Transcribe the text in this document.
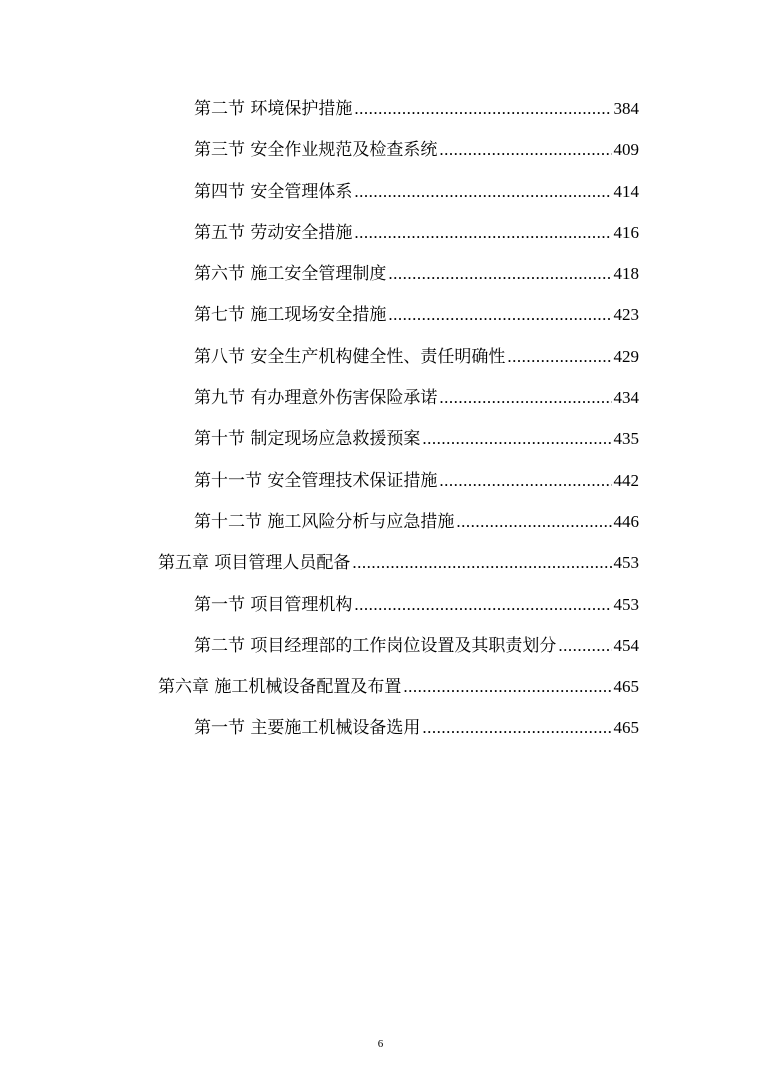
第二节 环境保护措施 .....	384
第三节 安全作业规范及检查系统 .....	409
第四节 安全管理体系 .....	414
第五节 劳动安全措施 .....	416
第六节 施工安全管理制度 .....	418
第七节 施工现场安全措施 .....	423
第八节 安全生产机构健全性、责任明确性 .....	429
第九节 有办理意外伤害保险承诺 .....	434
第十节 制定现场应急救援预案 .....	435
第十一节 安全管理技术保证措施 .....	442
第十二节 施工风险分析与应急措施 .....	446
第五章 项目管理人员配备 .....	453
第一节 项目管理机构 .....	453
第二节 项目经理部的工作岗位设置及其职责划分 .....	454
第六章 施工机械设备配置及布置 .....	465
第一节 主要施工机械设备选用 .....	465
6
